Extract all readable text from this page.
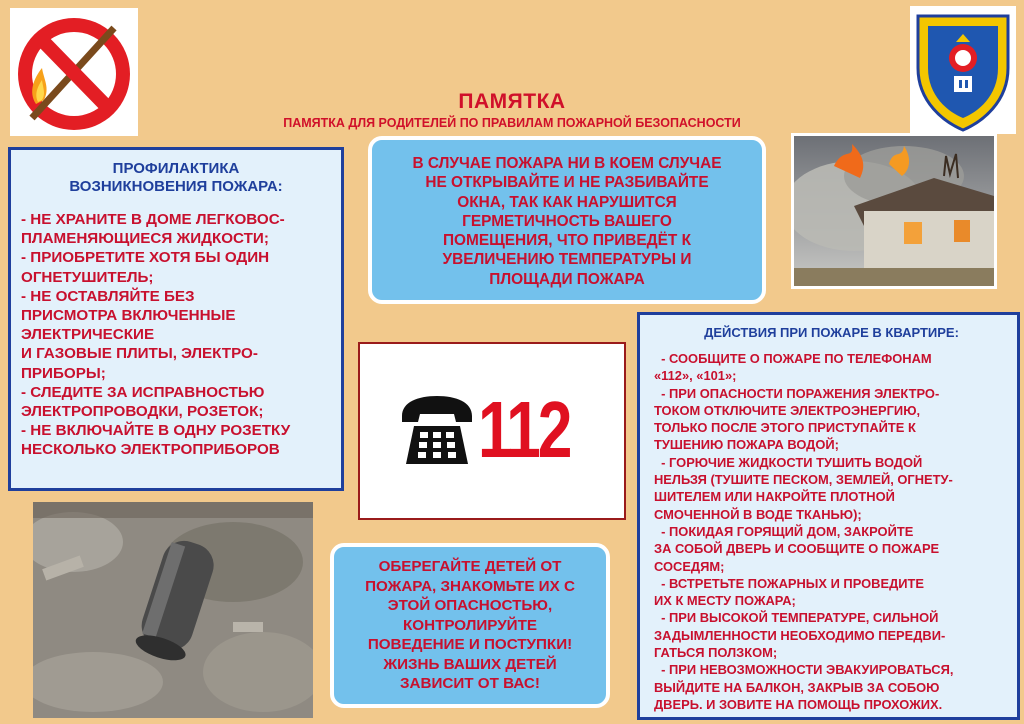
ПАМЯТКА
ПАМЯТКА ДЛЯ РОДИТЕЛЕЙ ПО ПРАВИЛАМ ПОЖАРНОЙ БЕЗОПАСНОСТИ
ПРОФИЛАКТИКА
ВОЗНИКНОВЕНИЯ ПОЖАРА:
- НЕ ХРАНИТЕ В ДОМЕ ЛЕГКОВОС-
ПЛАМЕНЯЮЩИЕСЯ ЖИДКОСТИ;
- ПРИОБРЕТИТЕ ХОТЯ БЫ ОДИН
ОГНЕТУШИТЕЛЬ;
- НЕ ОСТАВЛЯЙТЕ БЕЗ
ПРИСМОТРА ВКЛЮЧЕННЫЕ
ЭЛЕКТРИЧЕСКИЕ
И ГАЗОВЫЕ ПЛИТЫ, ЭЛЕКТРО-
ПРИБОРЫ;
- СЛЕДИТЕ ЗА ИСПРАВНОСТЬЮ
ЭЛЕКТРОПРОВОДКИ, РОЗЕТОК;
- НЕ ВКЛЮЧАЙТЕ В ОДНУ РОЗЕТКУ
НЕСКОЛЬКО ЭЛЕКТРОПРИБОРОВ
В СЛУЧАЕ ПОЖАРА НИ В КОЕМ СЛУЧАЕ
НЕ ОТКРЫВАЙТЕ И НЕ РАЗБИВАЙТЕ
ОКНА, ТАК КАК НАРУШИТСЯ
ГЕРМЕТИЧНОСТЬ ВАШЕГО
ПОМЕЩЕНИЯ, ЧТО ПРИВЕДЁТ К
УВЕЛИЧЕНИЮ ТЕМПЕРАТУРЫ И
ПЛОЩАДИ ПОЖАРА
112
ДЕЙСТВИЯ ПРИ ПОЖАРЕ В КВАРТИРЕ:
- СООБЩИТЕ О ПОЖАРЕ ПО ТЕЛЕФОНАМ
«112», «101»;
- ПРИ ОПАСНОСТИ ПОРАЖЕНИЯ ЭЛЕКТРО-
ТОКОМ ОТКЛЮЧИТЕ ЭЛЕКТРОЭНЕРГИЮ,
ТОЛЬКО ПОСЛЕ ЭТОГО ПРИСТУПАЙТЕ К
ТУШЕНИЮ ПОЖАРА ВОДОЙ;
- ГОРЮЧИЕ ЖИДКОСТИ ТУШИТЬ ВОДОЙ
НЕЛЬЗЯ (ТУШИТЕ ПЕСКОМ, ЗЕМЛЕЙ, ОГНЕТУ-
ШИТЕЛЕМ ИЛИ НАКРОЙТЕ ПЛОТНОЙ
СМОЧЕННОЙ В ВОДЕ ТКАНЬЮ);
- ПОКИДАЯ ГОРЯЩИЙ ДОМ, ЗАКРОЙТЕ
ЗА СОБОЙ ДВЕРЬ И СООБЩИТЕ О ПОЖАРЕ
СОСЕДЯМ;
- ВСТРЕТЬТЕ ПОЖАРНЫХ И ПРОВЕДИТЕ
ИХ К МЕСТУ ПОЖАРА;
- ПРИ ВЫСОКОЙ ТЕМПЕРАТУРЕ, СИЛЬНОЙ
ЗАДЫМЛЕННОСТИ НЕОБХОДИМО ПЕРЕДВИ-
ГАТЬСЯ ПОЛЗКОМ;
- ПРИ НЕВОЗМОЖНОСТИ ЭВАКУИРОВАТЬСЯ,
ВЫЙДИТЕ НА БАЛКОН, ЗАКРЫВ ЗА СОБОЮ
ДВЕРЬ. И ЗОВИТЕ НА ПОМОЩЬ ПРОХОЖИХ.
ОБЕРЕГАЙТЕ ДЕТЕЙ ОТ
ПОЖАРА, ЗНАКОМЬТЕ ИХ С
ЭТОЙ ОПАСНОСТЬЮ,
КОНТРОЛИРУЙТЕ
ПОВЕДЕНИЕ И ПОСТУПКИ!
ЖИЗНЬ ВАШИХ ДЕТЕЙ
ЗАВИСИТ ОТ ВАС!
